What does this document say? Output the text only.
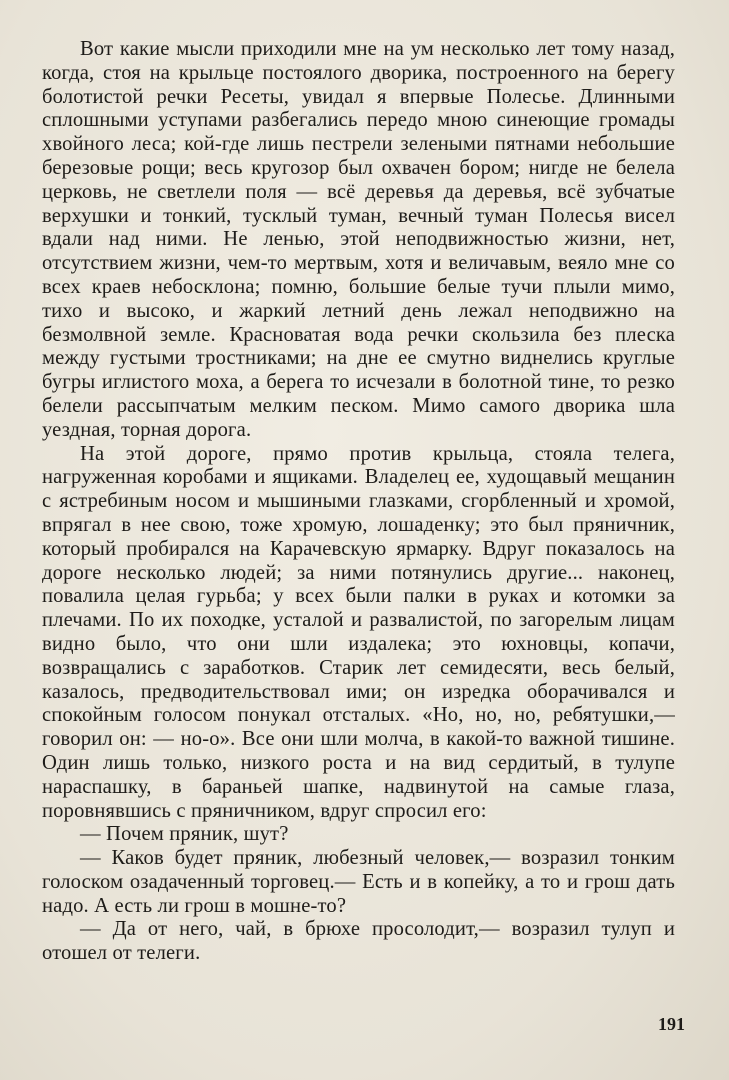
Вот какие мысли приходили мне на ум несколько лет тому назад, когда, стоя на крыльце постоялого дворика, построенного на берегу болотистой речки Ресеты, увидал я впервые Полесье. Длинными сплошными уступами разбегались передо мною синеющие громады хвойного леса; кой-где лишь пестрели зелеными пятнами небольшие березовые рощи; весь кругозор был охвачен бором; нигде не белела церковь, не светлели поля — всё деревья да деревья, всё зубчатые верхушки и тонкий, тусклый туман, вечный туман Полесья висел вдали над ними. Не ленью, этой неподвижностью жизни, нет, отсутствием жизни, чем-то мертвым, хотя и величавым, веяло мне со всех краев небосклона; помню, большие белые тучи плыли мимо, тихо и высоко, и жаркий летний день лежал неподвижно на безмолвной земле. Красноватая вода речки скользила без плеска между густыми тростниками; на дне ее смутно виднелись круглые бугры иглистого моха, а берега то исчезали в болотной тине, то резко белели рассыпчатым мелким песком. Мимо самого дворика шла уездная, торная дорога.

На этой дороге, прямо против крыльца, стояла телега, нагруженная коробами и ящиками. Владелец ее, худощавый мещанин с ястребиным носом и мышиными глазками, сгорбленный и хромой, впрягал в нее свою, тоже хромую, лошаденку; это был пряничник, который пробирался на Карачевскую ярмарку. Вдруг показалось на дороге несколько людей; за ними потянулись другие... наконец, повалила целая гурьба; у всех были палки в руках и котомки за плечами. По их походке, усталой и развалистой, по загорелым лицам видно было, что они шли издалека; это юхновцы, копачи, возвращались с заработков. Старик лет семидесяти, весь белый, казалось, предводительствовал ими; он изредка оборачивался и спокойным голосом понукал отсталых. «Но, но, но, ребятушки,— говорил он: — но-о». Все они шли молча, в какой-то важной тишине. Один лишь только, низкого роста и на вид сердитый, в тулупе нараспашку, в бараньей шапке, надвинутой на самые глаза, поровнявшись с пряничником, вдруг спросил его:

— Почем пряник, шут?

— Каков будет пряник, любезный человек,— возразил тонким голоском озадаченный торговец.— Есть и в копейку, а то и грош дать надо. А есть ли грош в мошне-то?

— Да от него, чай, в брюхе просолодит,— возразил тулуп и отошел от телеги.

191
